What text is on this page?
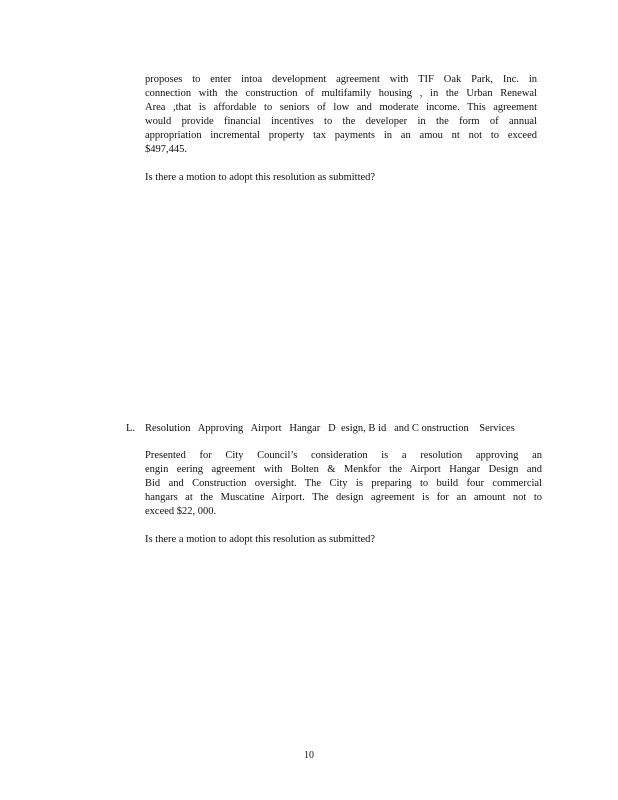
proposes to enter intoa development agreement with TIF Oak Park, Inc. in
connection with the construction of multifamily housing , in the Urban Renewal
Area ,that is affordable to seniors of low and moderate income. This agreement
would provide financial incentives to the developer in the form of annual
appropriation incremental property tax payments in an amou nt not to exceed
$497,445.
Is there a motion to adopt this resolution as submitted?
L. Resolution   Approving   Airport   Hangar   D  esign, B id   and C onstruction    Services
Presented for City Council’s consideration is a resolution approving an
engin eering agreement with Bolten & Menkfor the Airport Hangar Design and
Bid and Construction oversight. The City is preparing to build four commercial
hangars at the Muscatine Airport. The design agreement is for an amount not to
exceed $22, 000.
Is there a motion to adopt this resolution as submitted?
10
